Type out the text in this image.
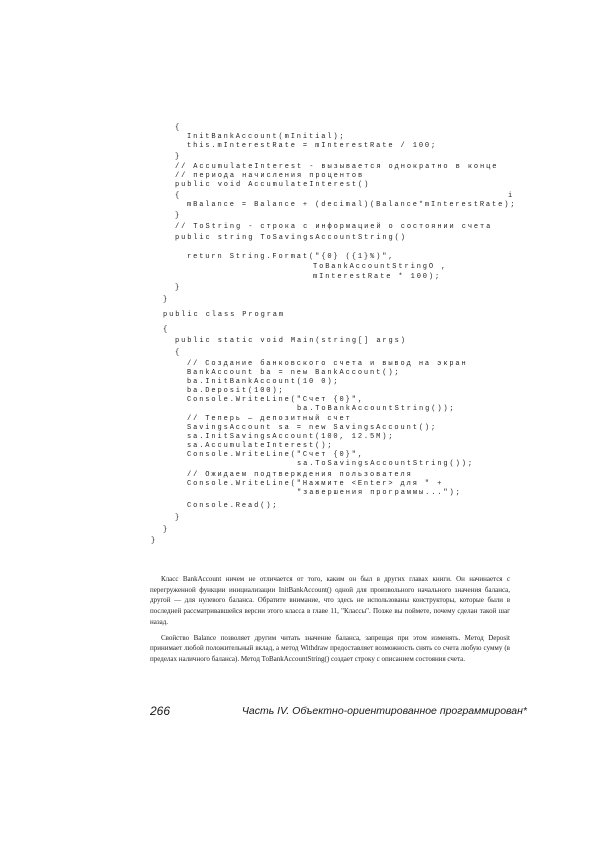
{
InitBankAccount(mInitial);
this.mInterestRate = mInterestRate / 100;
}
// AccumulateInterest - вызывается однократно в конце
// периода начисления процентов
public void AccumulateInterest()
{	i
mBalance = Balance + (decimal)(Balance*mInterestRate);
}
// ToString - строка с информацией о состоянии счета
public string ToSavingsAccountString()
return String.Format("{0} ({1}%)",
ToBankAccountStringO ,
mInterestRate * 100);
}
}
public class Program
{
public static void Main(string[] args)
{
// Создание банковского счета и вывод на экран
BankAccount ba = new BankAccount();
ba.InitBankAccount(10 0);
ba.Deposit(100);
Console.WriteLine("Счет {0}",
ba.ToBankAccountString());
// Теперь — депозитный счет
SavingsAccount sa = new SavingsAccount();
sa.InitSavingsAccount(100, 12.5M);
sa.AccumulateInterest();
Console.WriteLine("Счет {0}",
sa.ToSavingsAccountString());
// Ожидаем подтверждения пользователя
Console.WriteLine("Нажмите <Enter> для " +
"завершения программы...");
Console.Read();
}
}
}

Класс BankAccount ничем не отличается от того, каким он был в других главах книги. Он начинается с перегруженной функции инициализации InitBankAccount() одной для произвольного начального значения баланса, другой — для нулевого баланса. Обратите внимание, что здесь не использованы конструкторы, которые были в последней рассматривавшейся версии этого класса в главе 11, "Классы". Позже вы поймете, почему сделан такой шаг назад.

Свойство Balance позволяет другим читать значение баланса, запрещая при этом изменять. Метод Deposit принимает любой положительный вклад, а метод Withdraw предоставляет возможность снять со счета любую сумму (в пределах наличного баланса). Метод ToBankAccountString() создает строку с описанием состояния счета.

266	Часть IV. Объектно-ориентированное программирован*
